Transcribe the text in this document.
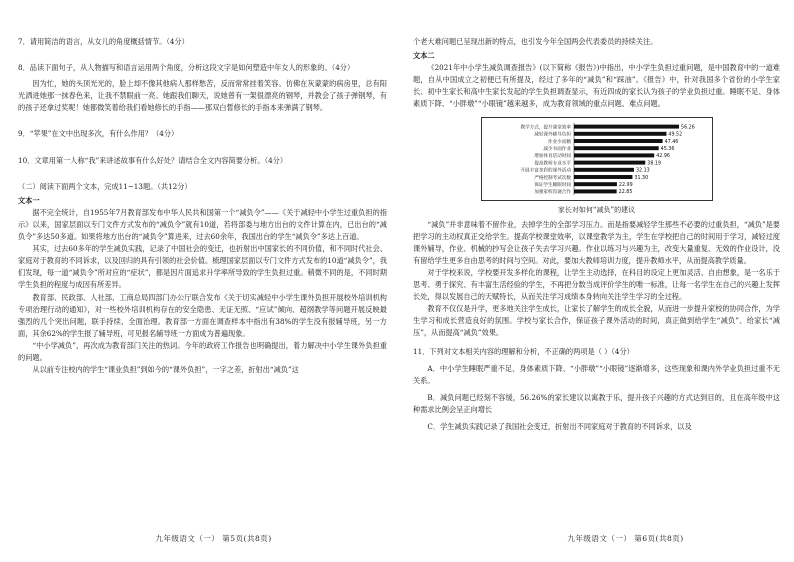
7．请用简洁的语言，从女儿的角度概括情节。（4分）

8．品读下面句子，从人物描写和语言运用两个角度，分析这段文字是如何塑造中年女人的形象的。（4分）

因为忙，她的头顶光光的，脸上却不像其他病人那样愁苦，反而常常挂着笑容。仿佛在灰蒙蒙的病房里，总有阳光洒进她那一抹春色来，让我不禁眼前一亮。她跟我们聊天，说她曾有一架很漂亮的钢琴，并教会了孩子弹钢琴，有的孩子还拿过奖呢！她都微笑着给我们看她修长的手指——那双白皙修长的手指本来弹满了钢琴。

9．“苹果”在文中出现多次，有什么作用？（4分）

10．文章用第一人称“我”来讲述故事有什么好处？请结合全文内容简要分析。（4分）

（二）阅读下面两个文本，完成11~13题。（共12分）

文本一

据不完全统计，自1955年7月教育部发布中华人民共和国第一个“减负令”——《关于减轻中小学生过重负担的指示》以来，国家层面以专门文件方式发布的“减负令”就有10道，若将部委与地方出台的文件计算在内，已出台的“减负令”多达50多道。如果将地方出台的“减负令”算进来，过去60余年，我国出台的学生“减负令”多达上百道。

其实，过去60多年的学生减负实践，记录了中国社会的变迁，也折射出中国家长的不同价值，和不同时代社会、家庭对于教育的不同诉求，以及回归的具有引领的社会价值。梳理国家层面以专门文件方式发布的10道“减负令”，我们发现，每一道“减负令”所对应的“症状”，都是因片面追求升学率所导致的学生负担过重。稍微不同的是，不同时期学生负担的程度与成因有所差异。

教育部、民政部、人社部、工商总局四部门办公厅联合发布《关于切实减轻中小学生课外负担开展校外培训机构专项治理行动的通知》，对一些校外培训机构存在的安全隐患、无证无照、“应试”倾向、超纲教学等问题开展反映最强烈的几个突出问题，联手持续、全面治理。教育部一方面在调查样本中指出有38%的学生没有报辅导班，另一方面，其余62%的学生报了辅导班，可见报名辅导班一方面成为普遍现象。

“中小学减负”，再次成为教育部门关注的热词。今年的政府工作报告也明确提出，着力解决中小学生课外负担重的问题。

从以前专注校内的学生“课业负担”到如今的“课外负担”，一字之差，折射出“减负”这

九年级语文（一） 第5页(共8页)

个老大难问题已呈现出新的特点，也引发今年全国两会代表委员的持续关注。

文本二

《2021年中小学生减负调查报告》(以下简称《报告》)中指出，中小学生负担过重问题，是中国教育中的一道难题，自从中国成立之初便已有所提及，经过了多年的“减负”和“踩油”。《报告》中，针对我国多个省份的小学生家长、初中生家长和高中生家长发起的学生负担调查显示，有近四成的家长认为孩子的学业负担过重。睡眠不足、身体素质下降、“小胖墩”“小眼镜”越来越多，成为教育领域的重点问题、难点问题。

教学方式，提升课堂效率	56.26
减轻课外辅导负担	49.52
作业少而精	47.46
减少书面作业	45.36
增加体育活动时间	42.96
提高教师专业水平	38.19
开展丰富多彩的课外活动	32.13
严格控制考试次数	31.30
保证学生睡眠时间	22.99
加强家校沟通合作	22.85
家长对如何“减负”的建议

“减负”并非意味着不留作业，去掉学生的全部学习压力。而是指要减轻学生那些不必要的过重负担，“减负”是要把学习的主动权真正交给学生。提高学校课堂效率，以课堂教学为主，学生在学校把自己的时间用于学习，减轻过度课外辅导，作业、机械的抄写会让孩子失去学习兴趣。作业以练习与兴趣为主，改变大量重复、无效的作业设计，没有留给学生更多自由思考的时间与空间。对此，要加大教师培训力度，提升教师水平，从而提高教学质量。

对于学校来说，学校要开发多样化的课程，让学生主动选择，在科目的设定上更加灵活、自由想象，是一名乐于思考、勇于探究、有丰富生活经验的学生，不再把分数当成评价学生的唯一标准，让每一名学生在自己的兴趣上发挥长处，得以发展自己的天赋特长，从而关注学习成绩本身转向关注学生学习的全过程。

教育不仅仅是升学，更多地关注学生成长，让家长了解学生的成长全貌，从而进一步提升家校的协同合作，为学生学习和成长营造良好的氛围。学校与家长合作，保证孩子课外活动的时间，真正做到给学生“减负”、给家长“减压”，从而提高“减负”效果。

11．下列对文本相关内容的理解和分析，不正确的两项是（ ）（4分）

A．中小学生睡眠严重不足、身体素质下降、“小胖墩”“小眼镜”逐渐增多，这些现象和课内外学业负担过重不无关系。

B．减负问题已经刻不容缓，56.26%的家长建议以寓教于乐，提升孩子兴趣的方式达到目的，且在高年级中这种需求比例会呈正向增长

C．学生减负实践记录了我国社会变迁，折射出不同家庭对于教育的不同诉求，以及

九年级语文（一） 第6页(共8页)
